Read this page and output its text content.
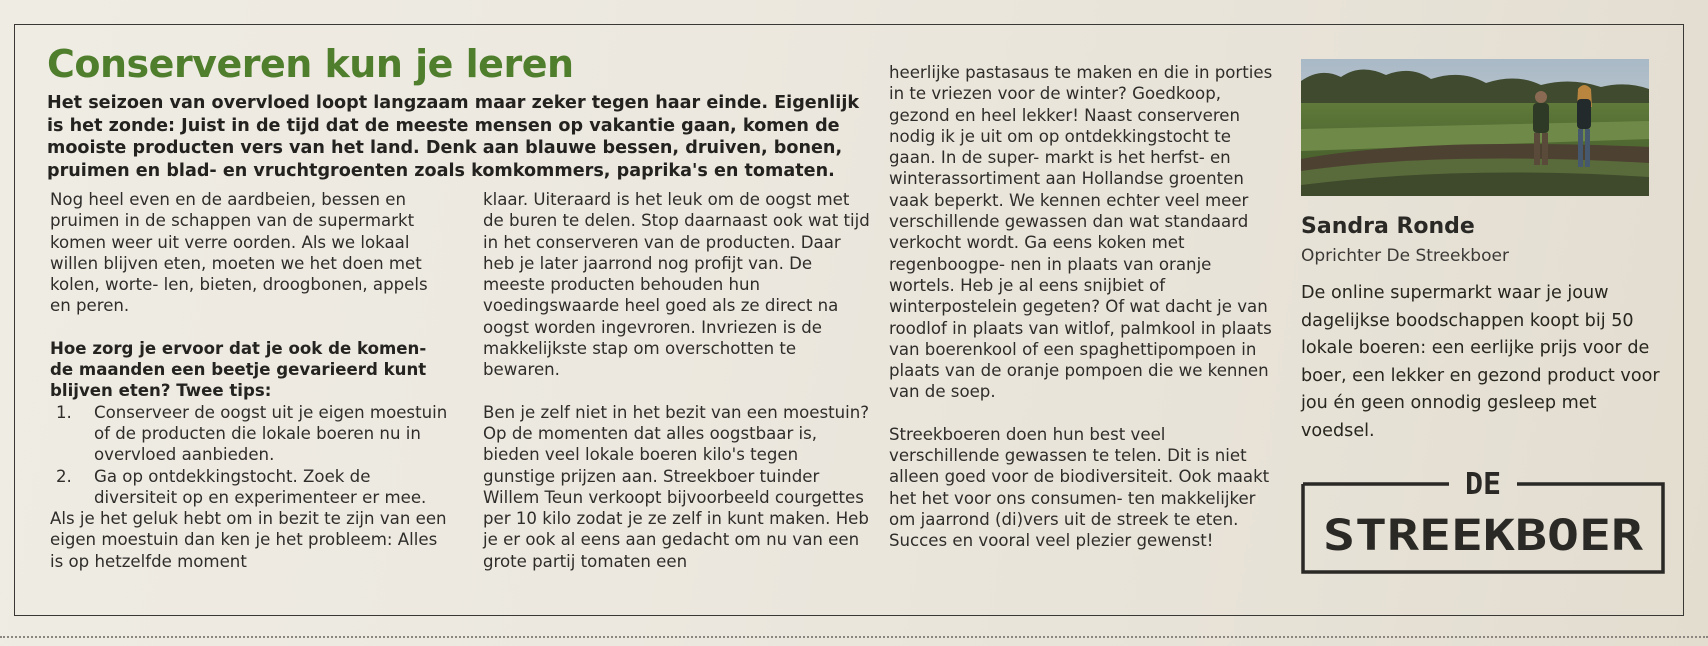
Conserveren kun je leren
Het seizoen van overvloed loopt langzaam maar zeker tegen haar einde. Eigenlijk is het zonde: Juist in de tijd dat de meeste mensen op vakantie gaan, komen de mooiste producten vers van het land. Denk aan blauwe bessen, druiven, bonen, pruimen en blad- en vruchtgroenten zoals komkommers, paprika's en tomaten.

Nog heel even en de aardbeien, bessen en pruimen in de schappen van de supermarkt komen weer uit verre oorden. Als we lokaal willen blijven eten, moeten we het doen met kolen, worte- len, bieten, droogbonen, appels en peren.

Hoe zorg je ervoor dat je ook de komen- de maanden een beetje gevarieerd kunt blijven eten? Twee tips:

1.	Conserveer de oogst uit je eigen moestuin of de producten die lokale boeren nu in overvloed aanbieden.
2.	Ga op ontdekkingstocht. Zoek de diversiteit op en experimenteer er mee.

Als je het geluk hebt om in bezit te zijn van een eigen moestuin dan ken je het probleem: Alles is op hetzelfde moment

klaar. Uiteraard is het leuk om de oogst met de buren te delen. Stop daarnaast ook wat tijd in het conserveren van de producten. Daar heb je later jaarrond nog profijt van. De meeste producten behouden hun voedingswaarde heel goed als ze direct na oogst worden ingevroren. Invriezen is de makkelijkste stap om overschotten te bewaren.

Ben je zelf niet in het bezit van een moestuin? Op de momenten dat alles oogstbaar is, bieden veel lokale boeren kilo's tegen gunstige prijzen aan. Streekboer tuinder Willem Teun verkoopt bijvoorbeeld courgettes per 10 kilo zodat je ze zelf in kunt maken. Heb je er ook al eens aan gedacht om nu van een grote partij tomaten een

heerlijke pastasaus te maken en die in porties in te vriezen voor de winter? Goedkoop, gezond en heel lekker! Naast conserveren nodig ik je uit om op ontdekkingstocht te gaan. In de super- markt is het herfst- en winterassortiment aan Hollandse groenten vaak beperkt. We kennen echter veel meer verschillende gewassen dan wat standaard verkocht wordt. Ga eens koken met regenboogpe- nen in plaats van oranje wortels. Heb je al eens snijbiet of winterpostelein gegeten? Of wat dacht je van roodlof in plaats van witlof, palmkool in plaats van boerenkool of een spaghettipompoen in plaats van de oranje pompoen die we kennen van de soep.

Streekboeren doen hun best veel verschillende gewassen te telen. Dit is niet alleen goed voor de biodiversiteit. Ook maakt het het voor ons consumen- ten makkelijker om jaarrond (di)vers uit de streek te eten. Succes en vooral veel plezier gewenst!

Sandra Ronde
Oprichter De Streekboer
De online supermarkt waar je jouw dagelijkse boodschappen koopt bij 50 lokale boeren: een eerlijke prijs voor de boer, een lekker en gezond product voor jou én geen onnodig gesleep met voedsel.
DE
STREEKBOER
